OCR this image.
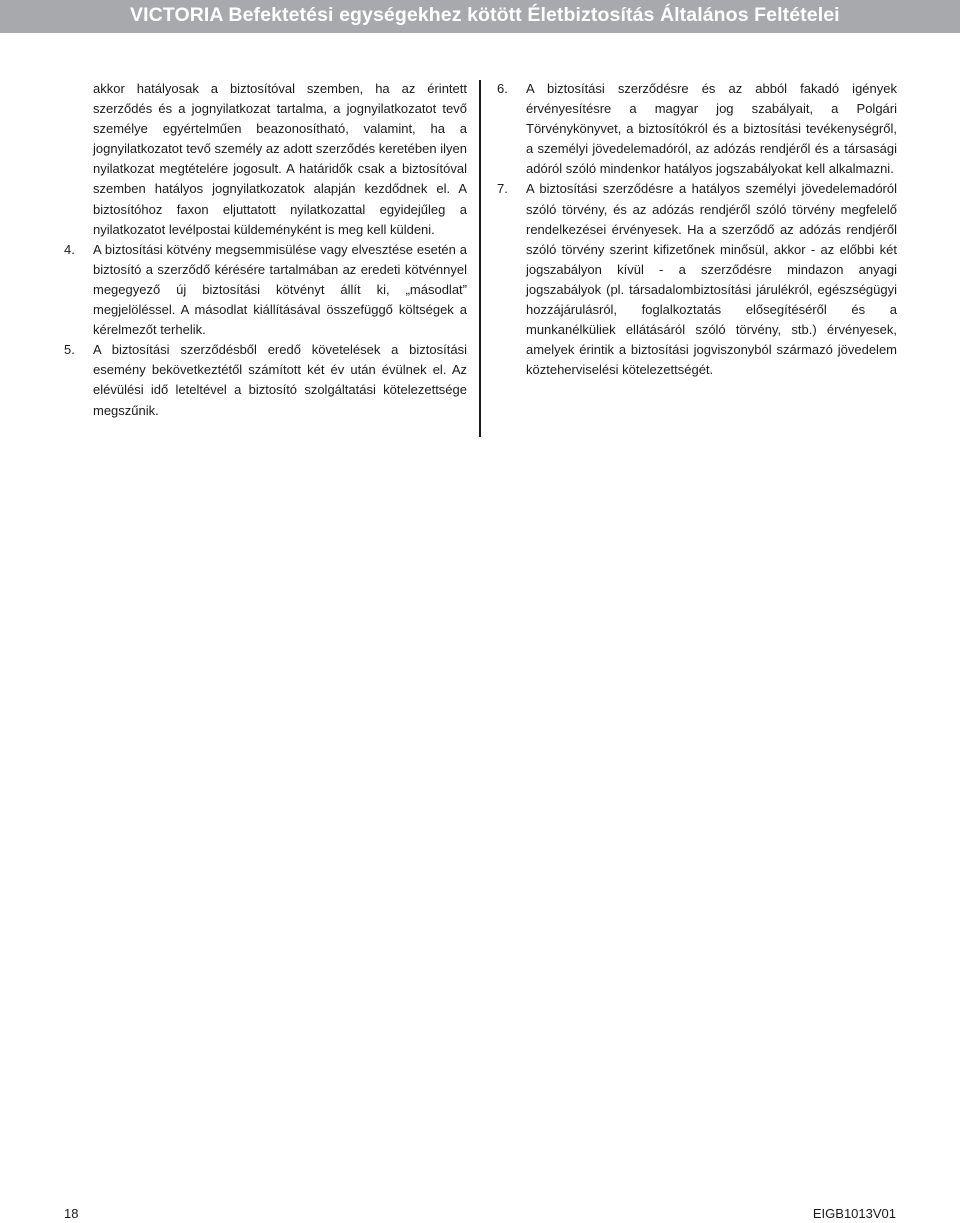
VICTORIA Befektetési egységekhez kötött Életbiztosítás Általános Feltételei

akkor hatályosak a biztosítóval szemben, ha az érintett szerződés és a jognyilatkozat tartalma, a jognyilatkozatot tevő személye egyértelműen beazonosítható, valamint, ha a jognyilatkozatot tevő személy az adott szerződés keretében ilyen nyilatkozat megtételére jogosult. A határidők csak a biztosítóval szemben hatályos jognyilatkozatok alapján kezdődnek el. A biztosítóhoz faxon eljuttatott nyilatkozattal egyidejűleg a nyilatkozatot levélpostai küldeményként is meg kell küldeni.

4.	A biztosítási kötvény megsemmisülése vagy elvesztése esetén a biztosító a szerződő kérésére tartalmában az eredeti kötvénnyel megegyező új biztosítási kötvényt állít ki, „másodlat” megjelöléssel. A másodlat kiállításával összefüggő költségek a kérelmezőt terhelik.
5.	A biztosítási szerződésből eredő követelések a biztosítási esemény bekövetkeztétől számított két év után évülnek el. Az elévülési idő leteltével a biztosító szolgáltatási kötelezettsége megszűnik.
6.	A biztosítási szerződésre és az abból fakadó igények érvényesítésre a magyar jog szabályait, a Polgári Törvénykönyvet, a biztosítókról és a biztosítási tevékenységről, a személyi jövedelemadóról, az adózás rendjéről és a társasági adóról szóló mindenkor hatályos jogszabályokat kell alkalmazni.
7.	A biztosítási szerződésre a hatályos személyi jövedelemadóról szóló törvény, és az adózás rendjéről szóló törvény megfelelő rendelkezései érvényesek. Ha a szerződő az adózás rendjéről szóló törvény szerint kifizetőnek minősül, akkor - az előbbi két jogszabályon kívül - a szerződésre mindazon anyagi jogszabályok (pl. társadalombiztosítási járulékról, egészségügyi hozzájárulásról, foglalkoztatás elősegítéséről és a munkanélküliek ellátásáról szóló törvény, stb.) érvényesek, amelyek érintik a biztosítási jogviszonyból származó jövedelem közteherviselési kötelezettségét.
18	EIGB1013V01
